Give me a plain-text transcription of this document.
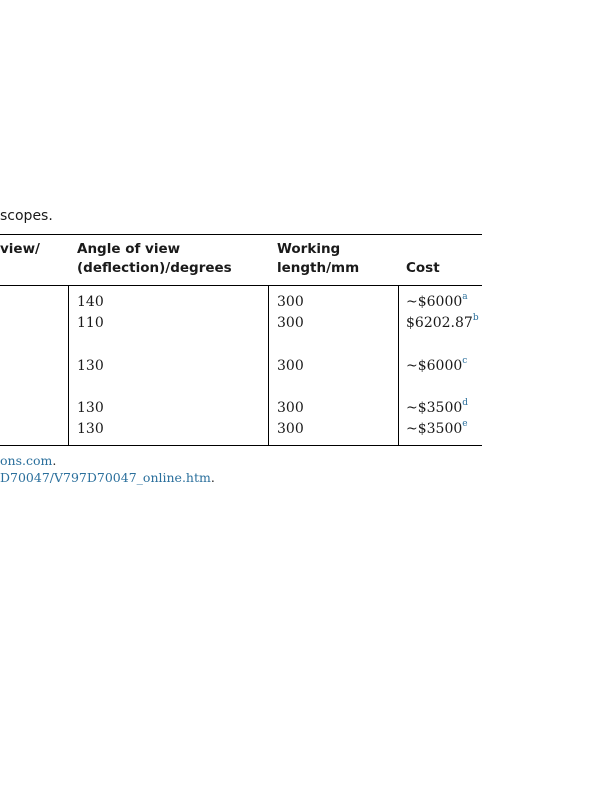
scopes.
view/	Angle of view
(deflection)/degrees
Working
length/mm	Cost
140	300	~$6000$^a$
110	300	$6202.87$^b$
130	300	~$6000$^c$
130	300	~$3500$^d$
130	300	~$3500e
ons.com.
D70047/V797D70047_online.htm.
